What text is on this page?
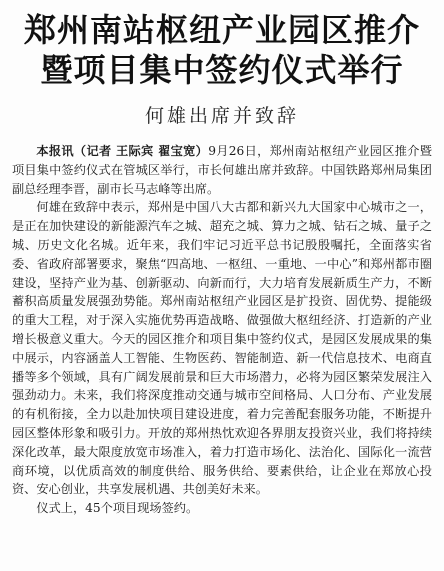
郑州南站枢纽产业园区推介
暨项目集中签约仪式举行
何雄出席并致辞

本报讯（记者 王际宾 翟宝宽）9月26日，郑州南站枢纽产业园区推介暨项目集中签约仪式在管城区举行，市长何雄出席并致辞。中国铁路郑州局集团副总经理李晋，副市长马志峰等出席。

何雄在致辞中表示，郑州是中国八大古都和新兴九大国家中心城市之一，是正在加快建设的新能源汽车之城、超充之城、算力之城、钻石之城、量子之城、历史文化名城。近年来，我们牢记习近平总书记殷殷嘱托，全面落实省委、省政府部署要求，聚焦“四高地、一枢纽、一重地、一中心”和郑州都市圈建设，坚持产业为基、创新驱动、向新而行，大力培育发展新质生产力，不断蓄积高质量发展强劲势能。郑州南站枢纽产业园区是扩投资、固优势、提能级的重大工程，对于深入实施优势再造战略、做强做大枢纽经济、打造新的产业增长极意义重大。今天的园区推介和项目集中签约仪式，是园区发展成果的集中展示，内容涵盖人工智能、生物医药、智能制造、新一代信息技术、电商直播等多个领域，具有广阔发展前景和巨大市场潜力，必将为园区繁荣发展注入强劲动力。未来，我们将深度推动交通与城市空间格局、人口分布、产业发展的有机衔接，全力以赴加快项目建设进度，着力完善配套服务功能，不断提升园区整体形象和吸引力。开放的郑州热忱欢迎各界朋友投资兴业，我们将持续深化改革，最大限度放宽市场准入，着力打造市场化、法治化、国际化一流营商环境，以优质高效的制度供给、服务供给、要素供给，让企业在郑放心投资、安心创业，共享发展机遇、共创美好未来。

仪式上，45个项目现场签约。
